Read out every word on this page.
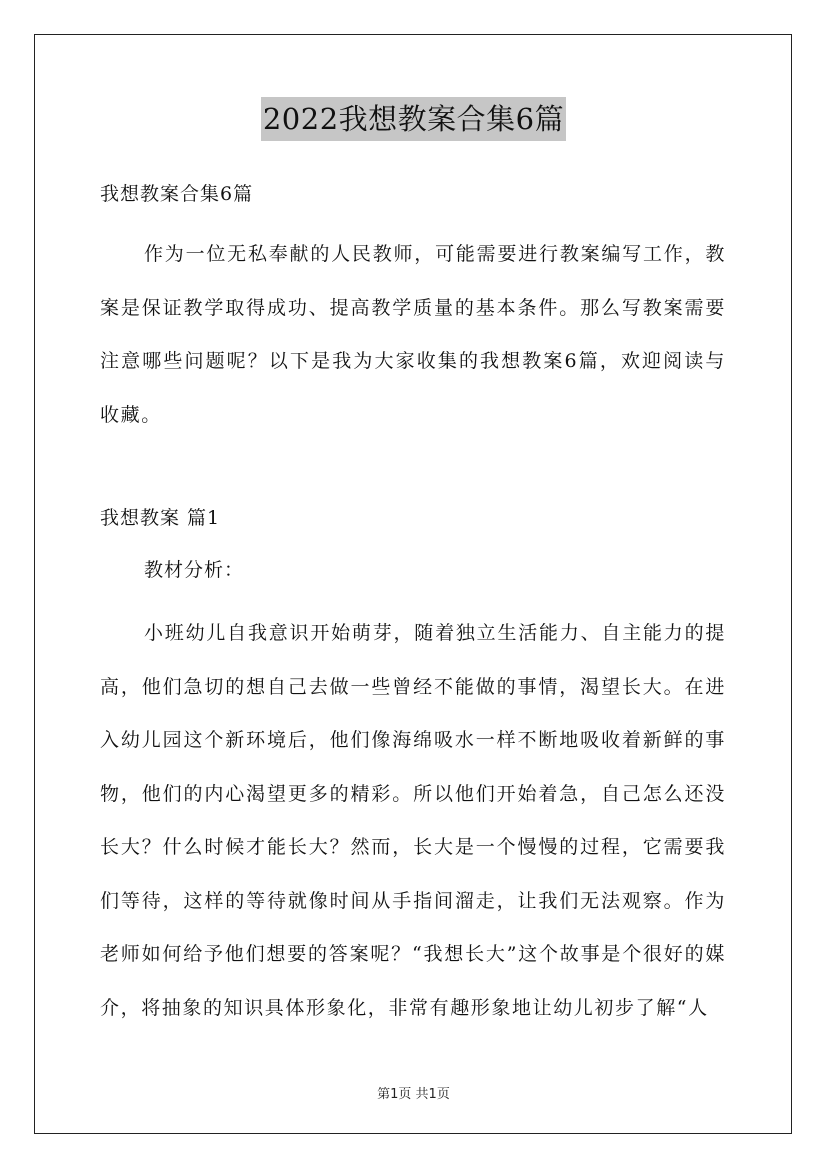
2022我想教案合集6篇
我想教案合集6篇
作为一位无私奉献的人民教师，可能需要进行教案编写工作，教案是保证教学取得成功、提高教学质量的基本条件。那么写教案需要注意哪些问题呢？以下是我为大家收集的我想教案6篇，欢迎阅读与收藏。
我想教案 篇1
教材分析：
小班幼儿自我意识开始萌芽，随着独立生活能力、自主能力的提高，他们急切的想自己去做一些曾经不能做的事情，渴望长大。在进入幼儿园这个新环境后，他们像海绵吸水一样不断地吸收着新鲜的事物，他们的内心渴望更多的精彩。所以他们开始着急，自己怎么还没长大？什么时候才能长大？然而，长大是一个慢慢的过程，它需要我们等待，这样的等待就像时间从手指间溜走，让我们无法观察。作为老师如何给予他们想要的答案呢？“我想长大”这个故事是个很好的媒介，将抽象的知识具体形象化，非常有趣形象地让幼儿初步了解“人
第1页 共1页
